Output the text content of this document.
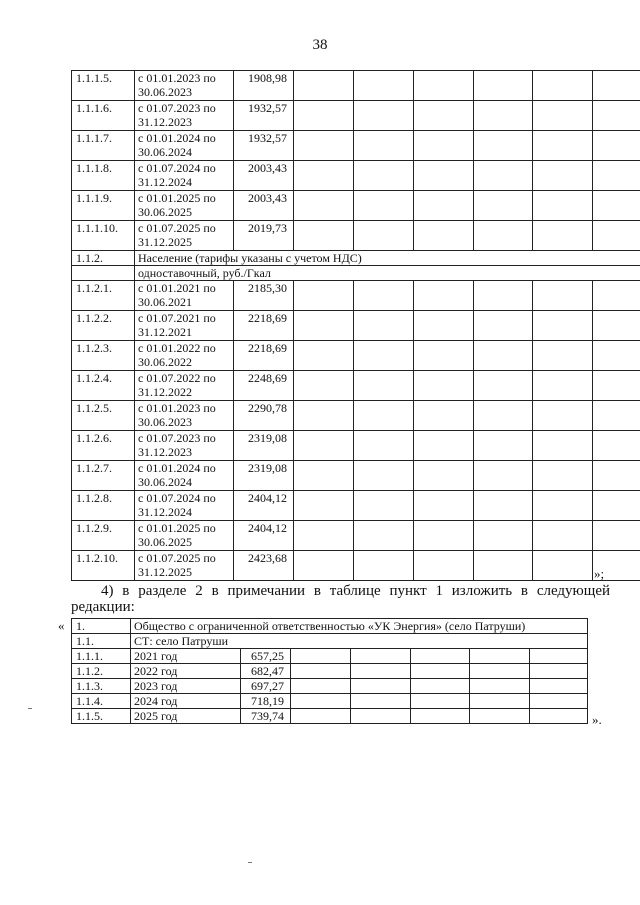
38
1.1.1.5.	с 01.01.2023 по
30.06.2023	1908,98						
1.1.1.6.	с 01.07.2023 по
31.12.2023	1932,57						
1.1.1.7.	с 01.01.2024 по
30.06.2024	1932,57						
1.1.1.8.	с 01.07.2024 по
31.12.2024	2003,43						
1.1.1.9.	с 01.01.2025 по
30.06.2025	2003,43						
1.1.1.10.	с 01.07.2025 по
31.12.2025	2019,73						
1.1.2.	Население (тарифы указаны с учетом НДС)							
	одноставочный, руб./Гкал							
1.1.2.1.	с 01.01.2021 по
30.06.2021	2185,30						
1.1.2.2.	с 01.07.2021 по
31.12.2021	2218,69						
1.1.2.3.	с 01.01.2022 по
30.06.2022	2218,69						
1.1.2.4.	с 01.07.2022 по
31.12.2022	2248,69						
1.1.2.5.	с 01.01.2023 по
30.06.2023	2290,78						
1.1.2.6.	с 01.07.2023 по
31.12.2023	2319,08						
1.1.2.7.	с 01.01.2024 по
30.06.2024	2319,08						
1.1.2.8.	с 01.07.2024 по
31.12.2024	2404,12						
1.1.2.9.	с 01.01.2025 по
30.06.2025	2404,12						
1.1.2.10.	с 01.07.2025 по
31.12.2025	2423,68						
»;
4) в разделе 2 в примечании в таблице пункт 1 изложить в следующей
редакции:
« 1.	Общество с ограниченной ответственностью «УК Энергия» (село Патруши)						
1.1.	СТ: село Патруши						
1.1.1.	2021 год	657,25					
1.1.2.	2022 год	682,47					
1.1.3.	2023 год	697,27					
1.1.4.	2024 год	718,19					
1.1.5.	2025 год	739,74						».
